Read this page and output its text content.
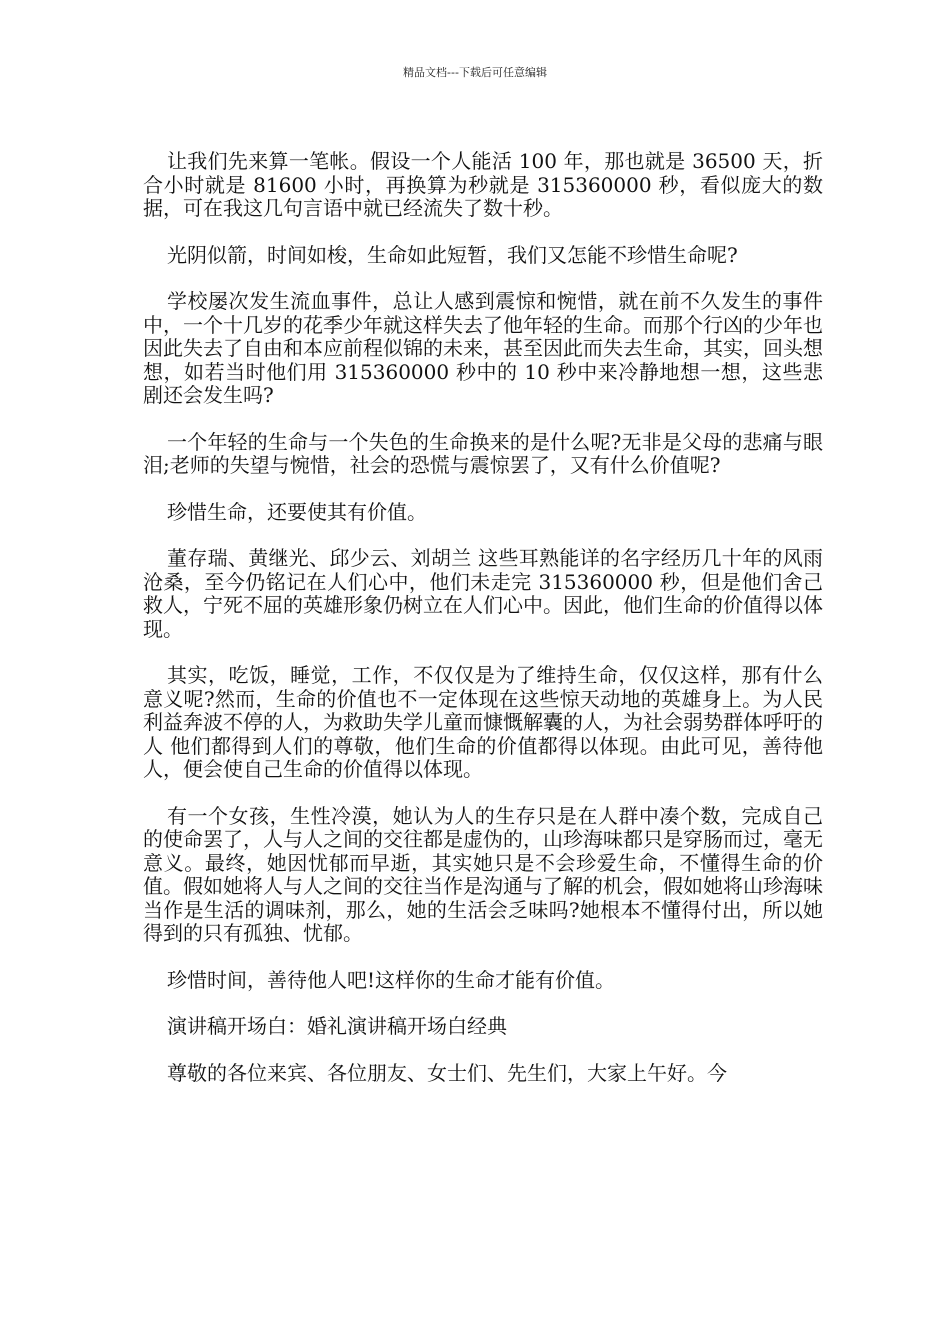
精品文档---下载后可任意编辑

让我们先来算一笔帐。假设一个人能活 100 年，那也就是 36500 天，折合小时就是 81600 小时，再换算为秒就是 315360000 秒，看似庞大的数据，可在我这几句言语中就已经流失了数十秒。

光阴似箭，时间如梭，生命如此短暂，我们又怎能不珍惜生命呢?

学校屡次发生流血事件，总让人感到震惊和惋惜，就在前不久发生的事件中，一个十几岁的花季少年就这样失去了他年轻的生命。而那个行凶的少年也因此失去了自由和本应前程似锦的未来，甚至因此而失去生命，其实，回头想想，如若当时他们用 315360000 秒中的 10 秒中来冷静地想一想，这些悲剧还会发生吗?

一个年轻的生命与一个失色的生命换来的是什么呢?无非是父母的悲痛与眼泪;老师的失望与惋惜，社会的恐慌与震惊罢了，又有什么价值呢?

珍惜生命，还要使其有价值。

董存瑞、黄继光、邱少云、刘胡兰 这些耳熟能详的名字经历几十年的风雨沧桑，至今仍铭记在人们心中，他们未走完 315360000 秒，但是他们舍己救人，宁死不屈的英雄形象仍树立在人们心中。因此，他们生命的价值得以体现。

其实，吃饭，睡觉，工作，不仅仅是为了维持生命，仅仅这样，那有什么意义呢?然而，生命的价值也不一定体现在这些惊天动地的英雄身上。为人民利益奔波不停的人，为救助失学儿童而慷慨解囊的人，为社会弱势群体呼吁的人 他们都得到人们的尊敬，他们生命的价值都得以体现。由此可见，善待他人，便会使自己生命的价值得以体现。

有一个女孩，生性冷漠，她认为人的生存只是在人群中凑个数，完成自己的使命罢了，人与人之间的交往都是虚伪的，山珍海味都只是穿肠而过，毫无意义。最终，她因忧郁而早逝，其实她只是不会珍爱生命，不懂得生命的价值。假如她将人与人之间的交往当作是沟通与了解的机会，假如她将山珍海味当作是生活的调味剂，那么，她的生活会乏味吗?她根本不懂得付出，所以她得到的只有孤独、忧郁。

珍惜时间，善待他人吧!这样你的生命才能有价值。

演讲稿开场白：婚礼演讲稿开场白经典

尊敬的各位来宾、各位朋友、女士们、先生们，大家上午好。今
